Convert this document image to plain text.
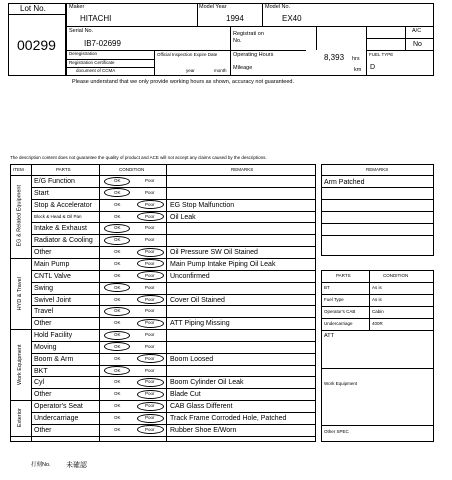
Lot No.
00299
Maker
HITACHI
Model Year
1994
Model No.
EX40
Serial No.
IB7-02699
Registrati on No.
A/C
No
Deregistration
Registration Certificate
document of CCMA
Official Inspection Expire Date
year	month
Operating Hours	8,393 hrs
Mileage	km
FUEL TYPE
D
Please understand that we only provide working hours as shown, accuracy not guaranteed.
The description content does not guarantee the quality of product and ACE will not accept any claims caused by the descriptions.
ITEM	PARTS	CONDITION	REMARKS
E/G Function	OK	Poor
Start	OK	Poor
Stop & Accelerator	OK	Poor EG Stop Malfunction
Block & Head & Oil Pan	OK	Poor Oil Leak
Intake & Exhaust	OK	Poor
Radiator & Cooling	OK	Poor
Other	OK	Poor Oil Pressure SW Oil Stained
EG & Related Equipment
Main Pump	OK	Poor Main Pump Intake Piping Oil Leak
CNTL Valve	OK	Poor Unconfirmed
Swing	OK	Poor
Swivel Joint	OK	Poor Cover Oil Stained
Travel	OK	Poor
Other	OK	Poor ATT Piping Missing
HYD & Travel
Hold Facility	OK	Poor
Moving	OK	Poor
Boom & Arm	OK	Poor Boom Loosed
BKT	OK	Poor
Cyl	OK	Poor Boom Cylinder Oil Leak
Other	OK	Poor Blade Cut
Work Equipment
Operator's Seat	OK	Poor CAB Glass Different
Undercarriage	OK	Poor Track Frame Corroded Hole, Patched
Other	OK	Poor Rubber Shoe E/Worn
Exterior
REMARKS
Arm Patched
PARTS	CONDITION
BT	As is
Fuel Type	As is
Operator's CAB	Cabin
Undercarriage	400R
ATT
Work Equipment
Other SPEC
打刻No. 未確認
